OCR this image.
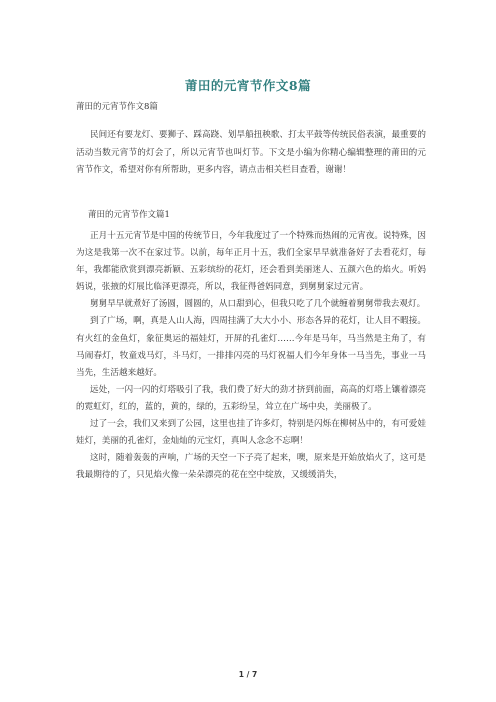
莆田的元宵节作文8篇
莆田的元宵节作文8篇
民间还有要龙灯、要狮子、踩高跷、划旱船扭秧歌、打太平鼓等传统民俗表演，最重要的活动当数元宵节的灯会了，所以元宵节也叫灯节。下文是小编为你精心编辑整理的莆田的元宵节作文，希望对你有所帮助，更多内容，请点击相关栏目查看，谢谢！
莆田的元宵节作文篇1

正月十五元宵节是中国的传统节日，今年我度过了一个特殊而热闹的元宵夜。说特殊，因为这是我第一次不在家过节。以前，每年正月十五，我们全家早早就准备好了去看花灯，每年，我都能欣赏到漂亮新颖、五彩缤纷的花灯，还会看到美丽迷人、五颜六色的焰火。听妈妈说，张掖的灯展比临泽更漂亮，所以，我征得爸妈同意，到舅舅家过元宵。

舅舅早早就煮好了汤圆，圆圆的，从口甜到心，但我只吃了几个就缠着舅舅带我去观灯。

到了广场，啊，真是人山人海，四周挂满了大大小小、形态各异的花灯，让人目不暇接。有火红的金鱼灯，象征奥运的福娃灯，开屏的孔雀灯……今年是马年，马当然是主角了，有马闹春灯，牧童戏马灯，斗马灯，一排排闪亮的马灯祝福人们今年身体一马当先，事业一马当先，生活越来越好。

远处，一闪一闪的灯塔吸引了我，我们费了好大的劲才挤到前面，高高的灯塔上镶着漂亮的霓虹灯，红的，蓝的，黄的，绿的，五彩纷呈，耸立在广场中央，美丽极了。

过了一会，我们又来到了公园，这里也挂了许多灯，特别是闪烁在柳树丛中的，有可爱娃娃灯，美丽的孔雀灯，金灿灿的元宝灯，真叫人念念不忘啊！

这时，随着轰轰的声响，广场的天空一下子亮了起来，噢，原来是开始放焰火了，这可是我最期待的了，只见焰火像一朵朵漂亮的花在空中绽放，又缓缓消失，

1 / 7
